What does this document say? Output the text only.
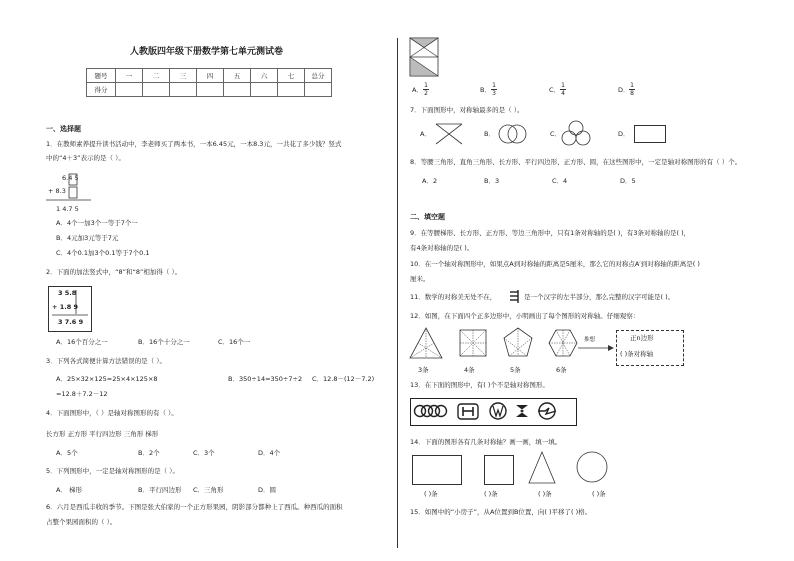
人教版四年级下册数学第七单元测试卷
题号	一	二	三	四	五	六	七	总分
得分								
一、选择题
1．在教师素养提升读书活动中，李老师买了两本书，一本6.45元，一本8.3元，一共花了多少钱？竖式
中的“4＋3”表示的是（ ）。
6.4 5
+ 8.3
1 4.7 5
A．4个一加3个一等于7个一
B．4元加3元等于7元
C．4个0.1加3个0.1等于7个0.1
2．下面的加法竖式中，“8”和“8”相加得（ ）。
3 5.8
+ 1.8 9
3 7.6 9
A．16个百分之一	B．16个十分之一	C．16个一
3．下列各式简便计算方法错误的是（ ）。
A．25×32×125=25×4×125×8	B．350÷14=350÷7÷2 C．12.8－(12－7.2)
=12.8＋7.2－12
4．下面图形中，（ ）是轴对称图形的有（ ）。
长方形 正方形 平行四边形 三角形 梯形
A．5个	B．2个	C．3个	D．4个
5．下列图形中，一定是轴对称图形的是（ ）。
A． 梯形	B．平行四边形 C．三角形	D．圆
6．六月是西瓜丰收的季节。下图是张大伯家的一个正方形果园，阴影部分都种上了西瓜。种西瓜的面积
占整个果园面积的（ ）。
A．
1
2	B．
1
3	C．
1
4	D．
1
8
7．下面图形中，对称轴最多的是（ ）。
A．	B．	C．	D．
8．等腰三角形、直角三角形、长方形、平行四边形、正方形、圆，在这些图形中，一定是轴对称图形的有（ ）个。
A．2	B．3	C．4	D．5
二、填空题
9．在等腰梯形、长方形、正方形、等边三角形中，只有1条对称轴的是( )，有3条对称轴的是( )，
有4条对称轴的是( )。
10．在一个轴对称图形中，如果点A到对称轴的距离是5厘米，那么它的对称点A′到对称轴的距离是( )
厘米。
11．数学的对称美无处不在，	是一个汉字的左半部分，那么完整的汉字可能是( )。
12．如图，在下面四个正多边形中，小明画出了每个图形的对称轴。仔细观察：
3条	4条	5条	6条
推想	正n边形
( )条对称轴
13．在下面的图形中，有( )个不是轴对称图形。
14．下面的图形各有几条对称轴？画一画，填一填。
( )条	( )条	( )条	( )条
15．如图中的“小房子”，从A位置到B位置，向( )平移了( )格。
